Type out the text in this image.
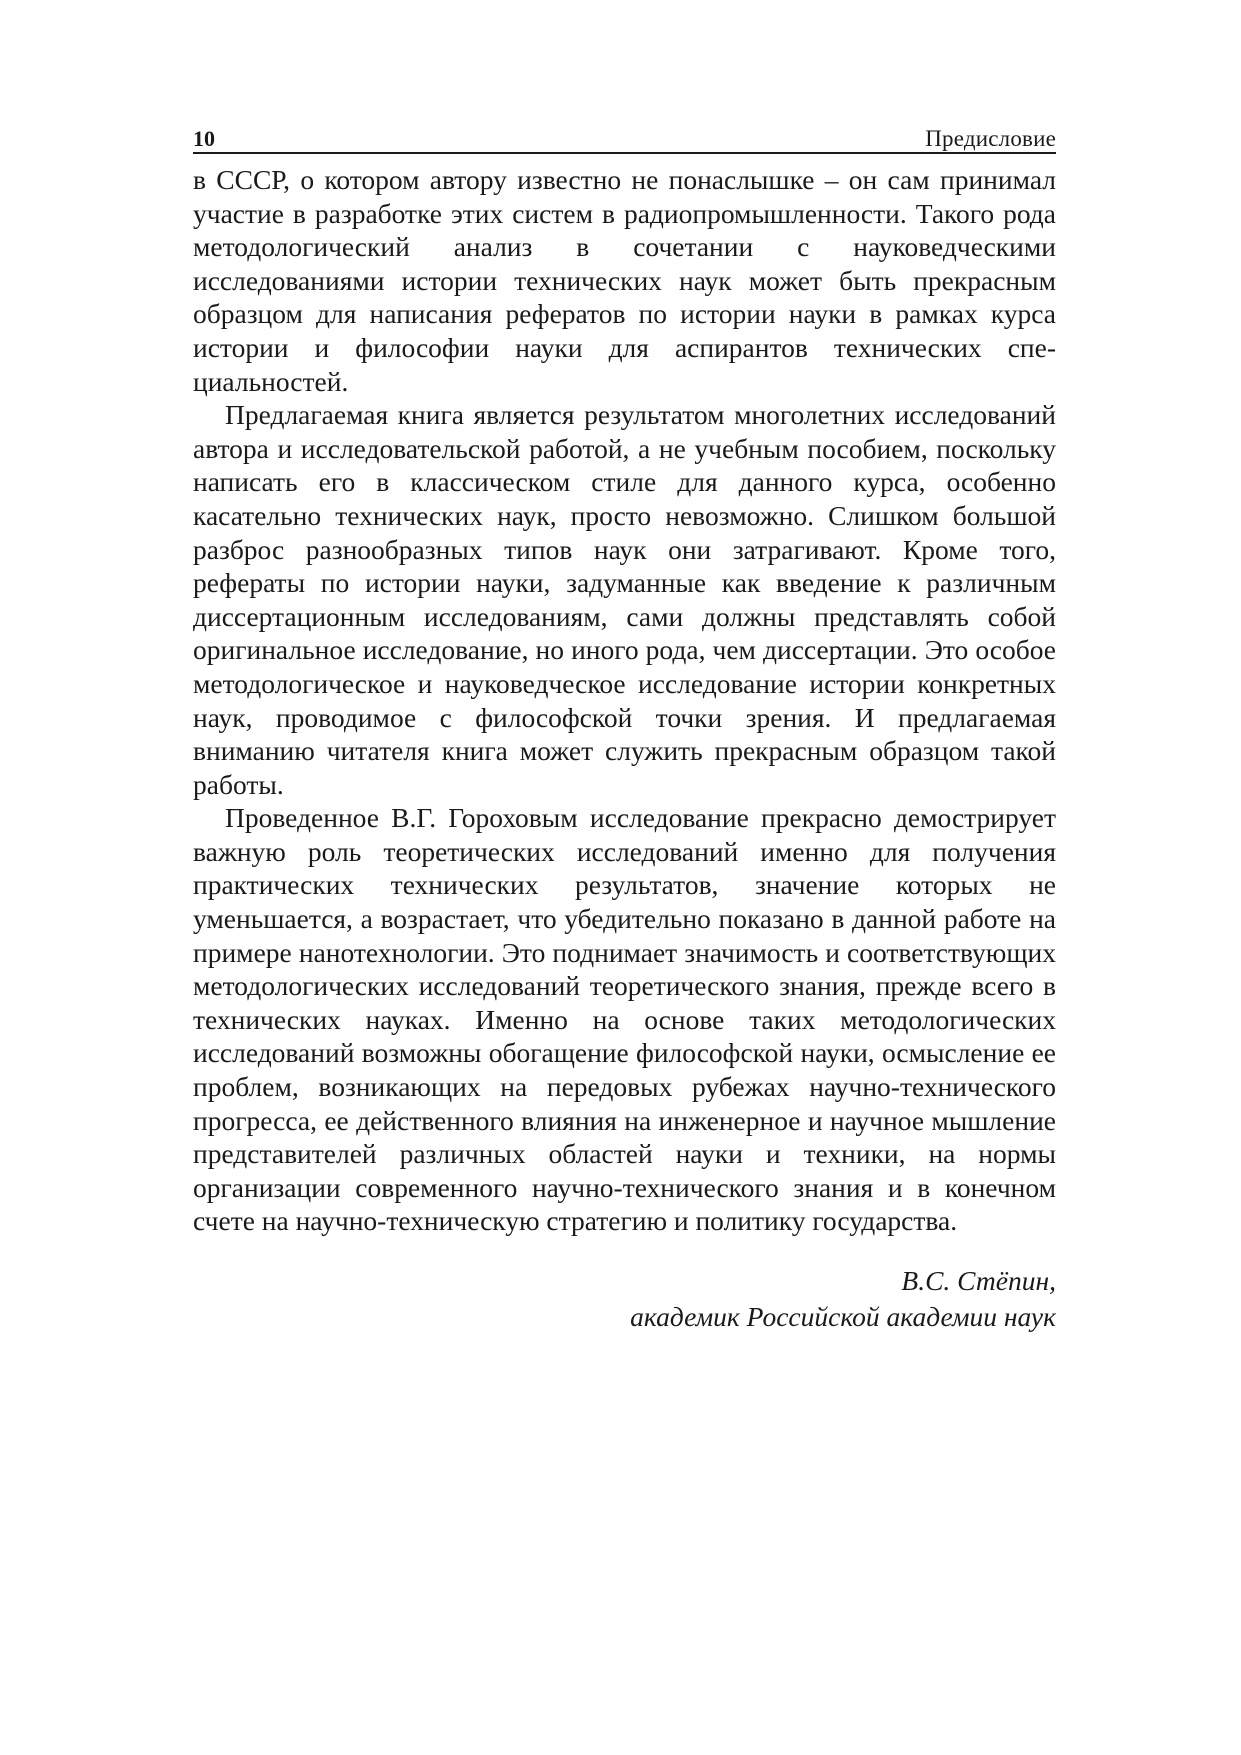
10	Предисловие

в СССР, о котором автору известно не понаслышке – он сам принимал участие в разработке этих систем в радиопромышленности. Такого рода методологический анализ в сочетании с науковедческими исследованиями истории технических наук может быть прекрасным образцом для написания рефератов по истории науки в рамках курса истории и философии науки для аспирантов технических специальностей.

Предлагаемая книга является результатом многолетних исследований автора и исследовательской работой, а не учебным пособием, поскольку написать его в классическом стиле для данного курса, особенно касательно технических наук, просто невозможно. Слишком большой разброс разнообразных типов наук они затрагивают. Кроме того, рефераты по истории науки, задуманные как введение к различным диссертационным исследованиям, сами должны представлять собой оригинальное исследование, но иного рода, чем диссертации. Это особое методологическое и науковедческое исследование истории конкретных наук, проводимое с философской точки зрения. И предлагаемая вниманию читателя книга может служить прекрасным образцом такой работы.

Проведенное В.Г. Гороховым исследование прекрасно демострирует важную роль теоретических исследований именно для получения практических технических результатов, значение которых не уменьшается, а возрастает, что убедительно показано в данной работе на примере нанотехнологии. Это поднимает значимость и соответствующих методологических исследований теоретического знания, прежде всего в технических науках. Именно на основе таких методологических исследований возможны обогащение философской науки, осмысление ее проблем, возникающих на передовых рубежах научно-технического прогресса, ее действенного влияния на инженерное и научное мышление представителей различных областей науки и техники, на нормы организации современного научно-технического знания и в конечном счете на научно-техническую стратегию и политику государства.

В.С. Стёпин,
академик Российской академии наук
